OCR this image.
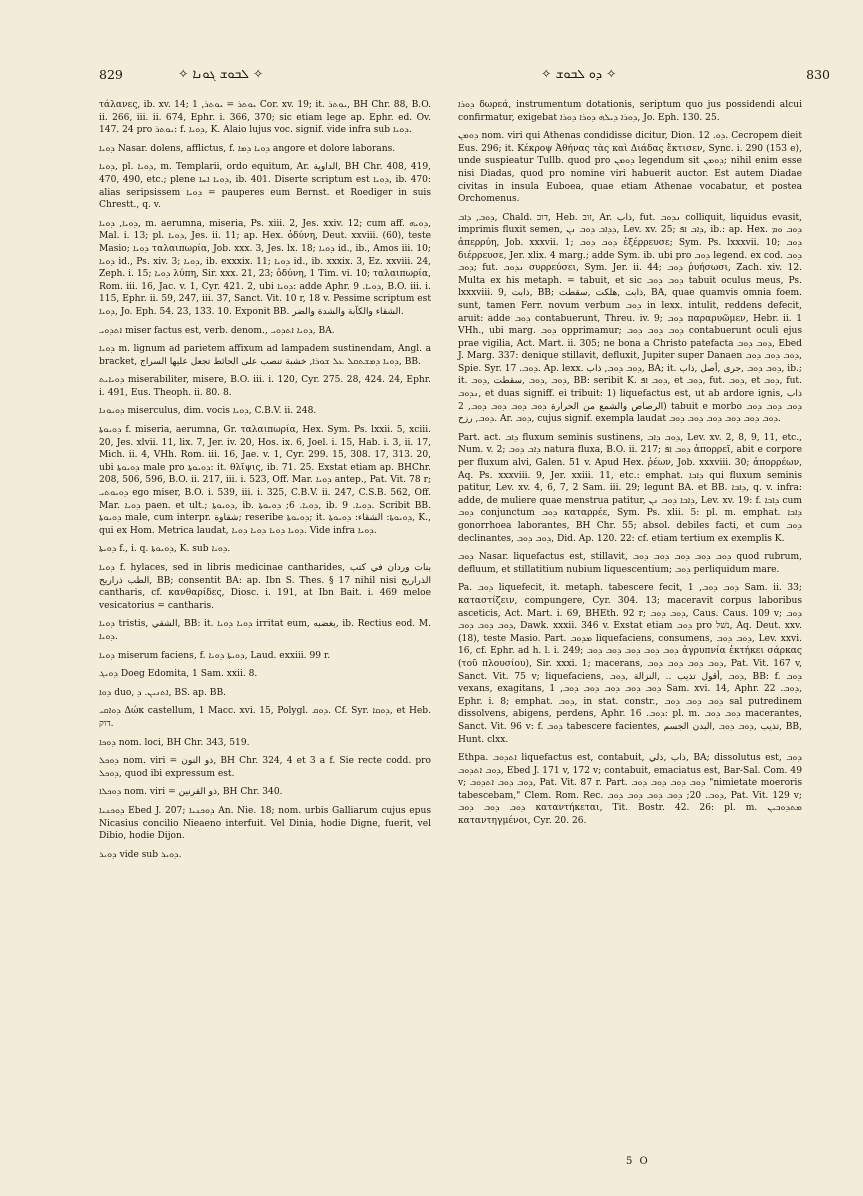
829	✧ ܠܒܘܫ ܓܘܢܐ ✧	✧ ܕܘ ܠܒܘܫ ✧	830

τάλανες, ib. xv. 14; ܝܘܬܪ = ܝܘܬܪ, 1 Cor. xv. 19; it. ܝܘܬܪ, BH Chr. 88, B.O. ii. 266, iii. ii. 674, Ephr. i. 366, 370; sic etiam lege ap. Ephr. ed. Ov. 147. 24 pro ܝܘܬܪ: f. ܕܘܝܐ, K. Alaio lujus voc. signif. vide infra sub ܕܘܝܐ.

ܕܘܝܐ Nasar. dolens, afflictus, f. ܕܘܝܐ ܕܡܐ angore et dolore laborans.

ܕܘܝܐ, pl. ܕܘܝܐ, m. Templarii, ordo equitum, Ar. الداوية, BH Chr. 408, 419, 470, 490, etc.; plene ܕܘܝܐ ܐܚܐ, ib. 401. Diserte scriptum est ܕܘܝܐ, ib. 470: alias seripsissem ܕܘܝܐ = pauperes eum Bernst. et Roediger in suis Chrestt., q. v.

ܕܘܝܐ, ܕܘܝܐ, m. aerumna, miseria, Ps. xiii. 2, Jes. xxiv. 12; cum aff. ܕܘܝܗ, Mal. i. 13; pl. ܕܘܝܐ, Jes. ii. 11; ap. Hex. ὀδύνη, Deut. xxviii. (60), teste Masio; ܕܘܝܐ ταλαιπωρία, Job. xxx. 3, Jes. lx. 18; ܕܘܝܐ id., ib., Amos iii. 10; ܕܘܝܐ id., Ps. xiv. 3; ܕܘܝܐ, ib. exxxix. 11; ܕܘܝܐ id., ib. xxxix. 3, Ez. xxviii. 24, Zeph. i. 15; ܕܘܝܐ λύπη, Sir. xxx. 21, 23; ὀδύνη, 1 Tim. vi. 10; ταλαιπωρία, Rom. iii. 16, Jac. v. 1, Cyr. 421. 2, ubi ܕܘܝܐ: adde Aphr. ܕܘܝܐ. 9, B.O. iii. i. 115, Ephr. ii. 59, 247, iii. 37, Sanct. Vit. 10 r, 18 v. Pessime scriptum est ܕܘܝܐ, Jo. Eph. 54. 23, 133. 10. Exponit BB. الشقاء والكآبة والشدة والضر.

ܐܬܕܘܝ miser factus est, verb. denom., ܕܘܝܐ ܐܬܕܘܝ, BA.

ܕܘܝܐ m. lignum ad parietem affixum ad lampadem sustinendam, Angl. a bracket, ܕܘܝܐ ܕܡܫܬܩܠ ܥܠ ܫܘܪܐ, خشبة تنصب على الحائط تجعل عليها السراج, BB.

ܕܘܝܐܝܬ miserabiliter, misere, B.O. iii. i. 120, Cyr. 275. 28, 424. 24, Ephr. i. 491, Eus. Theoph. ii. 80. 8.

ܕܘܝܘܢܐ miserculus, dim. vocis ܕܘܝܐ, C.B.V. ii. 248.

ܕܘܝܘܬܐ f. miseria, aerumna, Gr. ταλαιπωρία, Hex. Sym. Ps. lxxii. 5, xciii. 20, Jes. xlvii. 11, lix. 7, Jer. iv. 20, Hos. ix. 6, Joel. i. 15, Hab. i. 3, ii. 17, Mich. ii. 4, VHh. Rom. iii. 16, Jae. v. 1, Cyr. 299. 15, 308. 17, 313. 20, ubi ܕܘܝܘܬܐ male pro ܕܘܝܘܬܐ: it. θλῖψις, ib. 71. 25. Exstat etiam ap. BHChr. 208, 506, 596, B.O. ii. 217, iii. i. 523, Off. Mar. ܕܘܝܐ antep., Pat. Vit. 78 r; ܕܘܝܘܬܝ ego miser, B.O. i. 539, iii. i. 325, C.B.V. ii. 247, C.S.B. 562, Off. Mar. ܕܘܝܐ paen. et ult.; ܕܘܝܘܬܐ, ib. ܕܘܝܐ. 6; ܕܘܝܘܬܐ, ib. ܕܘܝܐ. 9. Scribit BB. ܕܘܝܘܬܐ male, cum interpr. شقاوة; reseribe ܕܘܝܘܬܐ; it. ܕܘܝܘܬܐ: الشقاء: ܕܘܝܘܬܐ, K., qui ex Hom. Metrica laudat, ܕܘܝܐ ܕܘܝܐ ܕܘܝܐ ܕܘܝܐ. Vide infra ܕܘܝܐ.

ܕܘܝܬܐ f., i. q. ܕܘܝܘܬܐ, K. sub ܕܘܝܐ.

ܕܘܝܐ f. hylaces, sed in libris medicinae cantharides, بنات وردان في كتب الطب ذراريح, BB; consentit BA: ap. Ibn S. Thes. § 17 nihil nisi الذراريح cantharis, cf. κανθαρίδες, Diosc. i. 191, at Ibn Bait. i. 469 meloe vesicatorius = cantharis.

ܕܘܝܐ tristis, الشقي, BB: it. ܕܘܝܐ ܕܘܝܐ irritat eum, يغضبه, ib. Rectius eod. M. ܕܘܝܐ.

ܕܘܝܐ miserum faciens, f. ܕܘܝܬܐ ܕܘܝܐ, Laud. exxiii. 99 r.

ܕܘܝܓ Doeg Edomita, 1 Sam. xxii. 8.

ܕܘܐ duo, ܐܬܢܝܢ. ܕ, BS. ap. BB.

ܕܘܐܩܝ Δώκ castellum, 1 Macc. xvi. 15, Polygl. ܕܘܩ. Cf. Syr. ܕܘܩܐ, et Heb. דוק.

ܕܘܟܐ nom. loci, BH Chr. 343, 519.

ܕܘܟܠ nom. viri = ذو النون, BH Chr. 324, 4 et 3 a f. Sie recte codd. pro ܕܘܟܠ, quod ibi expressum est.

ܕܘܟܠܐ nom. viri = ذو القرنين, BH Chr. 340.

ܕܘܟܢܝܐ Ebed J. 207; ܕܘܟܢܝܐ An. Nie. 18; nom. urbis Galliarum cujus epus Nicasius concilio Nieaeno interfuit. Vel Dinia, hodie Digne, fuerit, vel Dibio, hodie Dijon.

ܕܘܝܪ vide sub ܕܘܝܪ.

ܕܘܪܐ δωρεά, instrumentum dotationis, seriptum quo jus possidendi alcui confirmatur, exigebat ܕܘܪܐ ܕܝܠܗ ܕܘܪܐ ܕܘܪܐ, Jo. Eph. 130. 25.

ܕܘܡܢ nom. viri qui Athenas condidisse dicitur, Dion. ܕܘ. 12. Cecropem dieit Eus. 296; it. Κέκροψ Ἀθήνας τὰς καὶ Διάδας ἔκτισεν, Sync. i. 290 (153 e), unde suspieatur Tullb. quod pro ܕܘܡܢ legendum sit ܕܘܡܢ; nihil enim esse nisi Diadas, quod pro nomine viri habuerit auctor. Est autem Diadae civitas in insula Euboea, quae etiam Athenae vocabatur, et postea Orchomenus.

ܕܘܒ, ܕܐܒ, Chald. דוב, Heb. זוב, Ar. ذاب, fut. ܢܕܘܒ colliquit, liquidus evasit, imprimis fluxit semen, ܕܕܐܒ ܕܘܒ ܢܢ, Lev. xv. 25; ܕܐܒ ܐܦ, ib.: ap. Hex. ܕܘܒ ܘܡ ἀπερρύη, Job. xxxvii. 1; ܕܘܒ ܕܘܒ ἐξέρρευσε; Sym. Ps. lxxxvii. 10; ܕܘܒ διέρρευσε, Jer. xlix. 4 marg.; adde Sym. ib. ubi pro ܕܘܒ legend. ex cod. ܕܘܒ ܕܘܒ; fut. ܢܕܘܒ συρρεύσει, Sym. Jer. ii. 44; ܕܘܒ ῥυήσωσι, Zach. xiv. 12. Multa ex his metaph. = tabuit, et sic ܕܘܒ ܕܘܒ tabuit oculus meus, Ps. lxxxviii. 9, ذابت, BB; ذابت ,هلكت ,سقطت, BA, quae quamvis omnia foem. sunt, tamen Ferr. novum verbum ܕܘܒ in lexx. intulit, reddens defecit, aruit: adde ܕܘܒ contabuerunt, Threu. iv. 9; ܕܘܒ παραρυῶμεν, Hebr. ii. 1 VHh., ubi marg. ܕܘܒ opprimamur; ܕܘܒ ܕܘܒ ܕܘܒ contabuerunt oculi ejus prae vigilia, Act. Mart. ii. 305; ne bona a Christo patefacta ܕܘܒ ܕܘܒ, Ebed J. Marg. 337: denique stillavit, defluxit, Jupiter super Danaen ܕܘܒ ܕܘܒ ܕܘܒ, Spie. Syr. ܕܘܒ. 17. Ap. lexx. ܕܘܒ ܕܘܒ, ذاب, BA; it. ܕܘܒ ܕܘܒ ,جرى ,أصل ,ذاب, ib.; it. ܕܘܒ ,ܕܘܒ ,سقطت ,ܕܘܒ, BB: seribit K. ܕܘܒ ܐܦ, et ܕܘܒ, fut. ܕܘܒ, et ܕܘܒ, fut. ܢܕܘܒ, et duas signiff. ei tribuit: 1) liquefactus est, ut ab ardore ignis, ذاب الرصاص والشمع من الحرارة ܕܘܒ ܕܘܒ ܕܘܒ ܕܘܒ, 2) tabuit e morbo ܕܘܒ ܕܘܒ ܕܘܒ ܕܘܒ, رزح. Ar. ܕܘܒ, cujus signif. exempla laudat ܕܘܒ ܕܘܒ ܕܘܒ ܕܘܒ ܕܘܒ ܕܘܒ.

Part. act. ܕܐܒ fluxum seminis sustinens, ܕܘܒ ܕܐܒ, Lev. xv. 2, 8, 9, 11, etc., Num. v. 2; ܕܐܒ ܕܘܒ natura fluxa, B.O. ii. 217; ܕܘܒ ܐܦ ἀπορρεῖ, abit e corpore per fluxum alvi, Galen. 51 v. Apud Hex. ῥέων, Job. xxxviii. 30; ἀπορρέων, Aq. Ps. xxxviii. 9, Jer. xxiii. 11, etc.: emphat. ܕܐܒܐ qui fluxum seminis patitur, Lev. xv. 4, 6, 7, 2 Sam. iii. 29; legunt BA. et BB. ܕܐܒܐ, q. v. infra: adde, de muliere quae menstrua patitur, ܕܐܒܐ ܕܘܒ ܢܢ, Lev. xv. 19: f. ܕܐܒܐ cum ܕܘܒ conjunctum ܕܘܒ καταρρέε, Sym. Ps. xlii. 5: pl. m. emphat. ܕܐܒܐ gonorrhoea laborantes, BH Chr. 55; absol. debiles facti, et cum ܕܘܒ declinantes, ܕܘܒ ܕܘܒ, Did. Ap. 120. 22: cf. etiam tertium ex exemplis K.

ܕܘܒ Nasar. liquefactus est, stillavit, ܕܘܒ ܕܘܒ ܕܘܒ ܕܘܒ ܕܘܒ quod rubrum, defluum, et stillatitium nubium liquescentium; ܕܘܒ perliquidum mare.

Pa. ܕܘܒ liquefecit, it. metaph. tabescere fecit, ܕܘܒ ܕܘܒ, 1 Sam. ii. 33; καταστίζειν, compungere, Cyr. 304. 13; maceravit corpus laboribus asceticis, Act. Mart. i. 69, BHEth. 92 r; ܕܘܒ ܕܘܒ, Caus. Caus. 109 v; ܕܘܒ ܕܘܒ ܕܘܒ ܕܘܒ, Dawk. xxxii. 346 v. Exstat etiam ܕܘܒ pro נשׁל, Aq. Deut. xxv. (18), teste Masio. Part. ܡܕܘܒ liquefaciens, consumens, ܕܘܒ ܕܘܒ, Lev. xxvi. 16, cf. Ephr. ad h. l. i. 249; ܕܘܒ ܕܘܒ ܕܘܒ ܕܘܒ ܕܘܒ ἀγρυπνία ἐκτήκει σάρκας (τοῦ πλουσίου), Sir. xxxi. 1; macerans, ܕܘܒ ܕܘܒ ܕܘܒ ܕܘܒ, Pat. Vit. 167 v, Sanct. Vit. 75 v; liquefaciens, ܕܘܒ ,أقول تذيب .. ,النزالة ,ܕܘܒ, BB: f. ܕܘܒ vexans, exagitans, ܕܘܒ ܕܘܒ ܕܘܒ ܕܘܒ ܕܘܒ, 1 Sam. xvi. 14, Aphr. ܕܘܒ. 22, Ephr. i. 8; emphat. ܕܘܒ, in stat. constr., ܕܘܒ ܕܘܒ ܕܘܒ sal putredinem dissolvens, abigens, perdens, Aphr. ܕܘܒ. 16: pl. m. ܕܘܒ ܕܘܒ macerantes, Sanct. Vit. 96 v: f. ܕܘܒ tabescere facientes, تذيب ,ܕܘܒ ܕܘܒ ,البدن الجسم, BB, Hunt. clxx.

Ethpa. ܐܬܕܘܒ liquefactus est, contabuit, ذاب ,ذلي, BA; dissolutus est, ܕܘܒ ܕܘܒ ܐܬܕܘܒ, Ebed J. 171 v, 172 v; contabuit, emaciatus est, Bar-Sal. Com. 49 v; ܕܘܒ ܕܘܒ ܐܬܕܘܒ, Pat. Vit. 87 r. Part. ܕܘܒ ܕܘܒ ܕܘܒ ܕܘܒ "nimietate moeroris tabescebam," Clem. Rom. Rec. ܕܘܒ. 20; ܕܘܒ ܕܘܒ ܕܘܒ ܕܘܒ, Pat. Vit. 129 v; ܕܘܒ ܕܘܒ ܕܘܒ καταντήκεται, Tit. Bostr. 42. 26: pl. m. ܡܬܕܘܒܝܢ καταντηγμένοι, Cyr. 20. 26.

5 O
